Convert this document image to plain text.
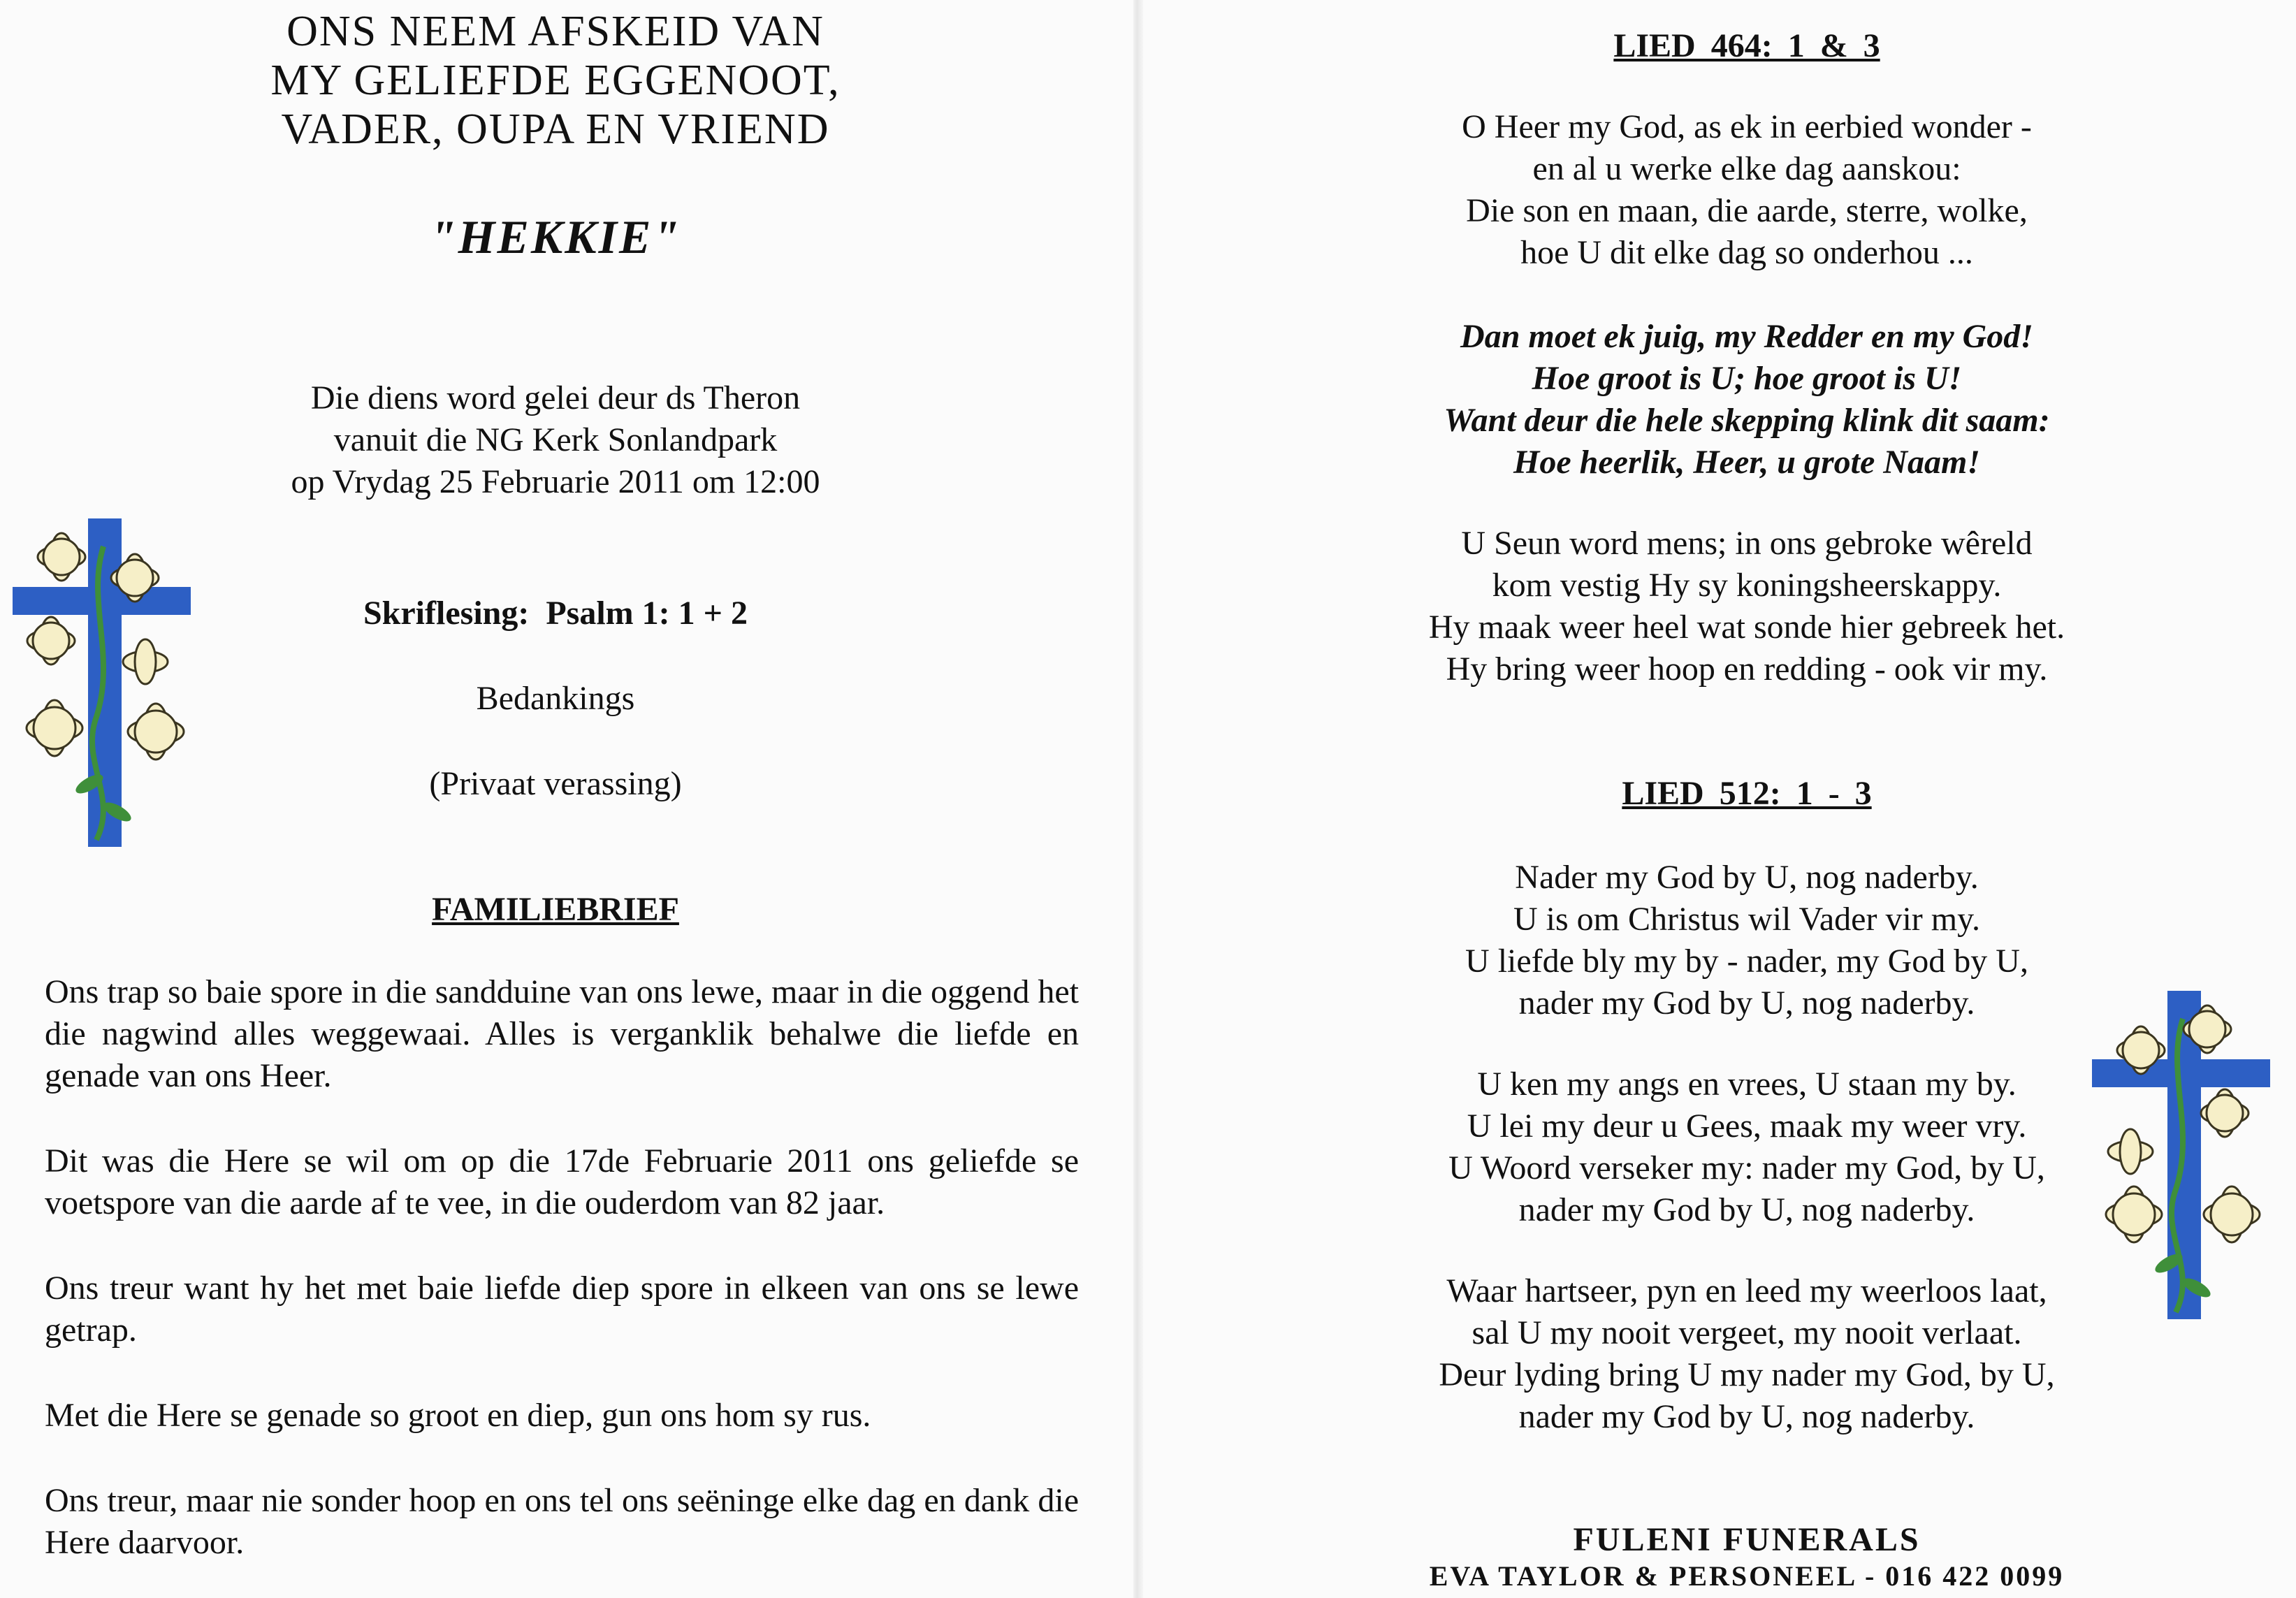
ONS NEEM AFSKEID VAN
MY GELIEFDE EGGENOOT,
VADER, OUPA EN VRIEND
"HEKKIE"
Die diens word gelei deur ds Theron
vanuit die NG Kerk Sonlandpark
op Vrydag 25 Februarie 2011 om 12:00
Skriflesing:  Psalm 1: 1 + 2
Bedankings
(Privaat verassing)
FAMILIEBRIEF

Ons trap so baie spore in die sandduine van ons lewe, maar in die oggend het die nagwind alles weggewaai. Alles is verganklik behalwe die liefde en genade van ons Heer.

Dit was die Here se wil om op die 17de Februarie 2011 ons geliefde se voetspore van die aarde af te vee, in die ouderdom van 82 jaar.

Ons treur want hy het met baie liefde diep spore in elkeen van ons se lewe getrap.

Met die Here se genade so groot en diep, gun ons hom sy rus.

Ons treur, maar nie sonder hoop en ons tel ons seëninge elke dag en dank die Here daarvoor.

LIED 464: 1 & 3
O Heer my God, as ek in eerbied wonder -
en al u werke elke dag aanskou:
Die son en maan, die aarde, sterre, wolke,
hoe U dit elke dag so onderhou ...
Dan moet ek juig, my Redder en my God!
Hoe groot is U; hoe groot is U!
Want deur die hele skepping klink dit saam:
Hoe heerlik, Heer, u grote Naam!
U Seun word mens; in ons gebroke wêreld
kom vestig Hy sy koningsheerskappy.
Hy maak weer heel wat sonde hier gebreek het.
Hy bring weer hoop en redding - ook vir my.
LIED 512: 1 - 3
Nader my God by U, nog naderby.
U is om Christus wil Vader vir my.
U liefde bly my by - nader, my God by U,
nader my God by U, nog naderby.
U ken my angs en vrees, U staan my by.
U lei my deur u Gees, maak my weer vry.
U Woord verseker my: nader my God, by U,
nader my God by U, nog naderby.
Waar hartseer, pyn en leed my weerloos laat,
sal U my nooit vergeet, my nooit verlaat.
Deur lyding bring U my nader my God, by U,
nader my God by U, nog naderby.
FULENI FUNERALS
EVA TAYLOR & PERSONEEL - 016 422 0099
